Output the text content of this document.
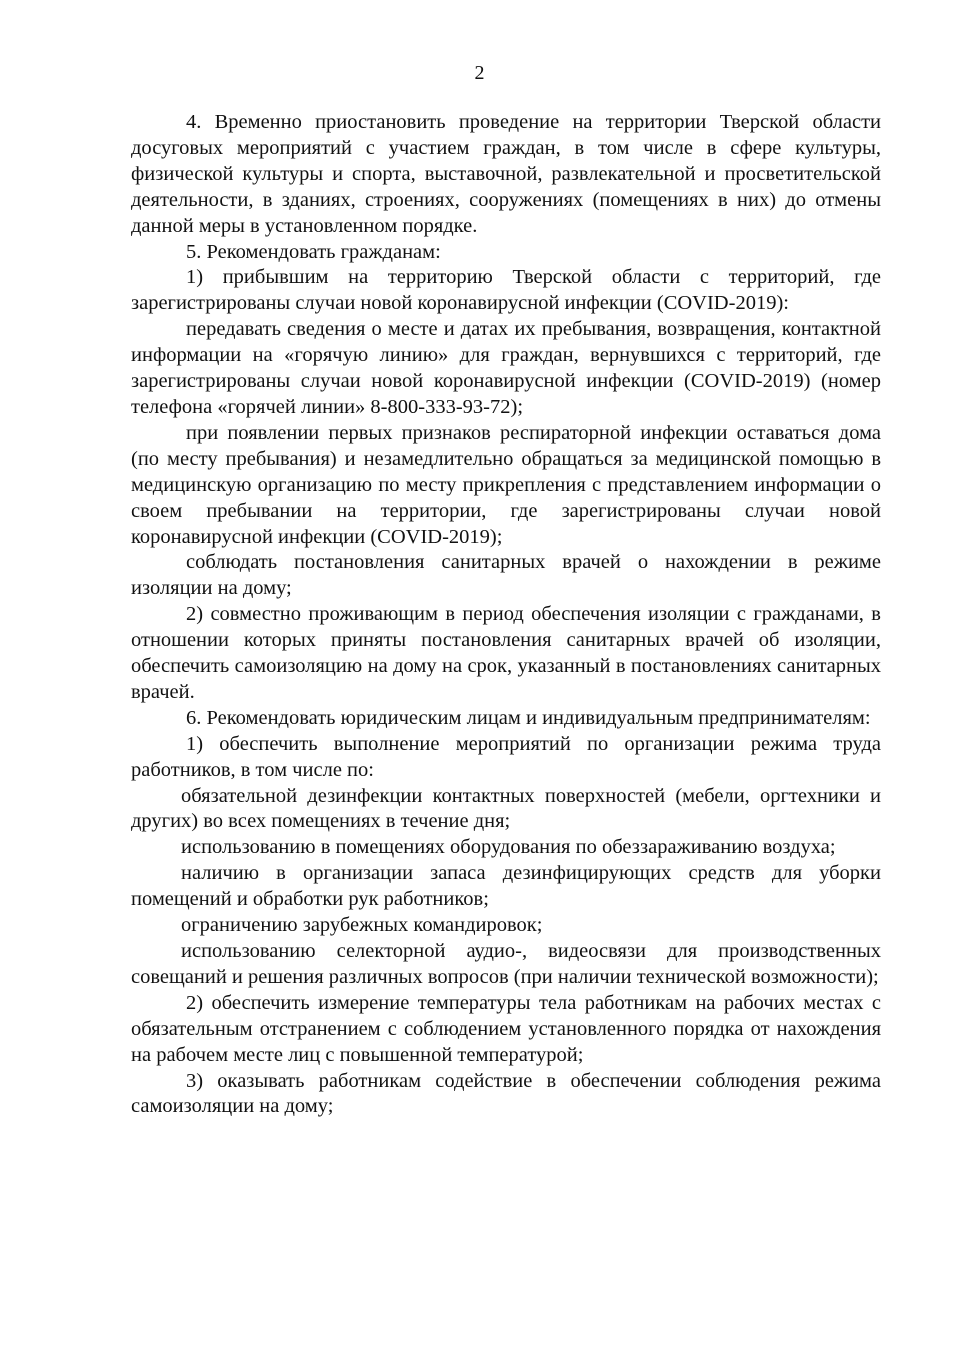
2

4. Временно приостановить проведение на территории Тверской области досуговых мероприятий с участием граждан, в том числе в сфере культуры, физической культуры и спорта, выставочной, развлекательной и просветительской деятельности, в зданиях, строениях, сооружениях (помещениях в них) до отмены данной меры в установленном порядке.

5. Рекомендовать гражданам:

1) прибывшим на территорию Тверской области с территорий, где зарегистрированы случаи новой коронавирусной инфекции (COVID-2019):

передавать сведения о месте и датах их пребывания, возвращения, контактной информации на «горячую линию» для граждан, вернувшихся с территорий, где зарегистрированы случаи новой коронавирусной инфекции (COVID-2019) (номер телефона «горячей линии» 8-800-333-93-72);

при появлении первых признаков респираторной инфекции оставаться дома (по месту пребывания) и незамедлительно обращаться за медицинской помощью в медицинскую организацию по месту прикрепления с представлением информации о своем пребывании на территории, где зарегистрированы случаи новой коронавирусной инфекции (COVID-2019);

соблюдать постановления санитарных врачей о нахождении в режиме изоляции на дому;

2) совместно проживающим в период обеспечения изоляции с гражданами, в отношении которых приняты постановления санитарных врачей об изоляции, обеспечить самоизоляцию на дому на срок, указанный в постановлениях санитарных врачей.

6. Рекомендовать юридическим лицам и индивидуальным предпринимателям:

1) обеспечить выполнение мероприятий по организации режима труда работников, в том числе по:

обязательной дезинфекции контактных поверхностей (мебели, оргтехники и других) во всех помещениях в течение дня;

использованию в помещениях оборудования по обеззараживанию воздуха;

наличию в организации запаса дезинфицирующих средств для уборки помещений и обработки рук работников;

ограничению зарубежных командировок;

использованию селекторной аудио-, видеосвязи для производственных совещаний и решения различных вопросов (при наличии технической возможности);

2) обеспечить измерение температуры тела работникам на рабочих местах с обязательным отстранением с соблюдением установленного порядка от нахождения на рабочем месте лиц с повышенной температурой;

3) оказывать работникам содействие в обеспечении соблюдения режима самоизоляции на дому;
